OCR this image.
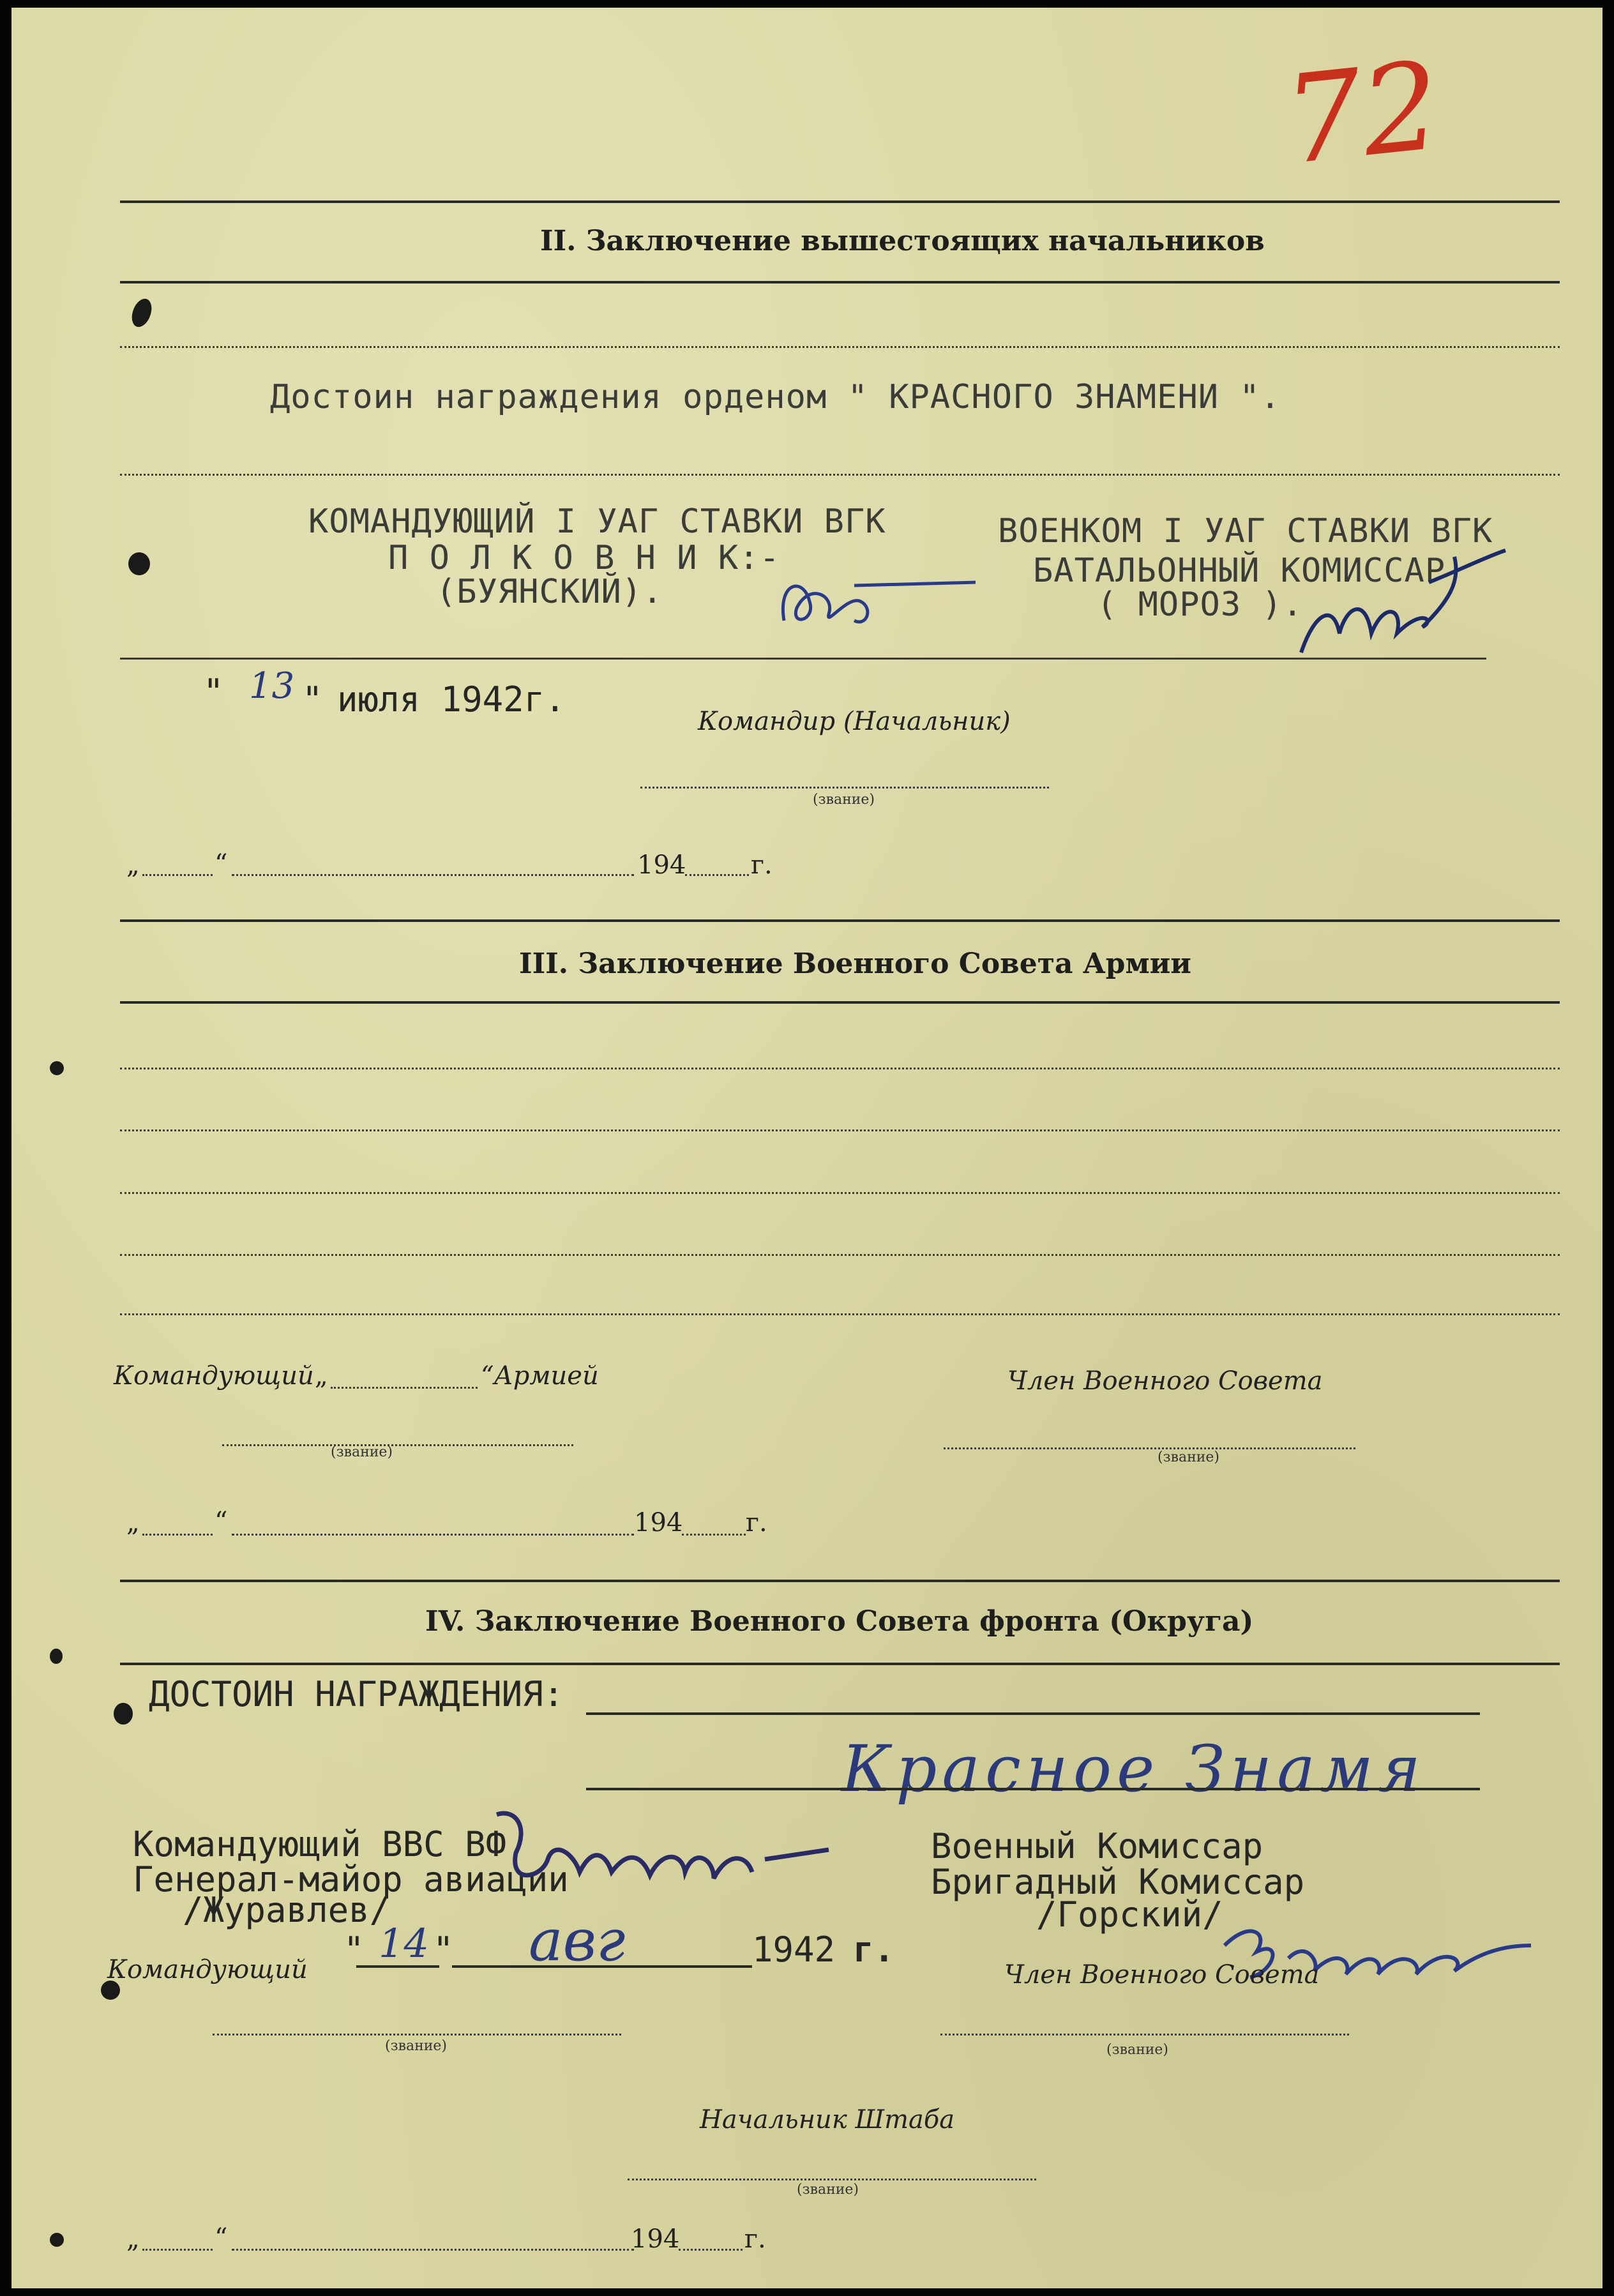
72
II. Заключение вышестоящих начальников
Достоин награждения орденом " КРАСНОГО ЗНАМЕНИ ".
КОМАНДУЮЩИЙ I УАГ СТАВКИ ВГК
П О Л К О В Н И К:-
(БУЯНСКИЙ).
ВОЕНКОМ I УАГ СТАВКИ ВГК
БАТАЛЬОННЫЙ КОМИССАР
( МОРОЗ ).
" 13 " июля 1942г.
Командир (Начальник)
(звание)
„	“	194	г.
III. Заключение Военного Совета Армии
Командующий „	“Армией	Член Военного Совета
(звание)	(звание)
„	“	194 г.
IV. Заключение Военного Совета фронта (Округа)
ДОСТОИН НАГРАЖДЕНИЯ:
Красное Знамя
Командующий ВВС ВФ
Генерал-майор авиации
/Журавлев/
Военный Комиссар
Бригадный Комиссар
/Горский/
" 14 " авг	1942 г.
Командующий	Член Военного Совета
(звание)	(звание)
Начальник Штаба
(звание)
„	“	194	г.
